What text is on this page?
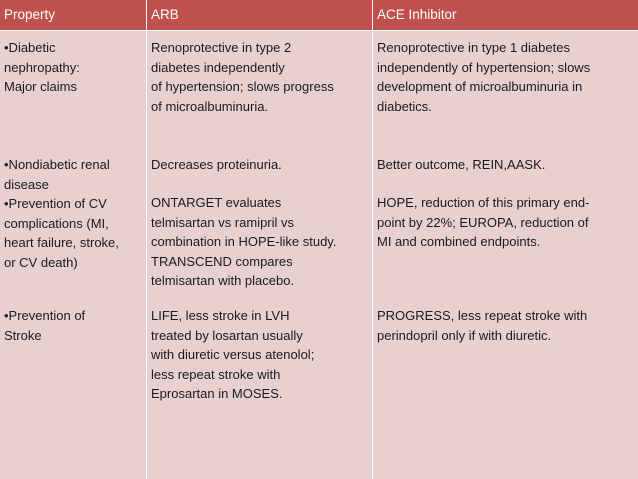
Property	ARB	ACE Inhibitor

•Diabetic

nephropathy:

Major claims

•Nondiabetic renal

disease

•Prevention of CV

complications (MI,

heart failure, stroke,

or CV death)

•Prevention of

Stroke

Renoprotective in type 2

diabetes independently

of hypertension; slows progress

of microalbuminuria.

Decreases proteinuria.

ONTARGET evaluates

telmisartan vs ramipril vs

combination in HOPE-like study.

TRANSCEND compares

telmisartan with placebo.

LIFE, less stroke in LVH

treated by losartan usually

with diuretic versus atenolol;

less repeat stroke with

Eprosartan in MOSES.

Renoprotective in type 1 diabetes

independently of hypertension; slows

development of microalbuminuria in

diabetics.

Better outcome, REIN,AASK.

HOPE, reduction of this primary end-

point by 22%; EUROPA, reduction of

MI and combined endpoints.

PROGRESS, less repeat stroke with

perindopril only if with diuretic.
